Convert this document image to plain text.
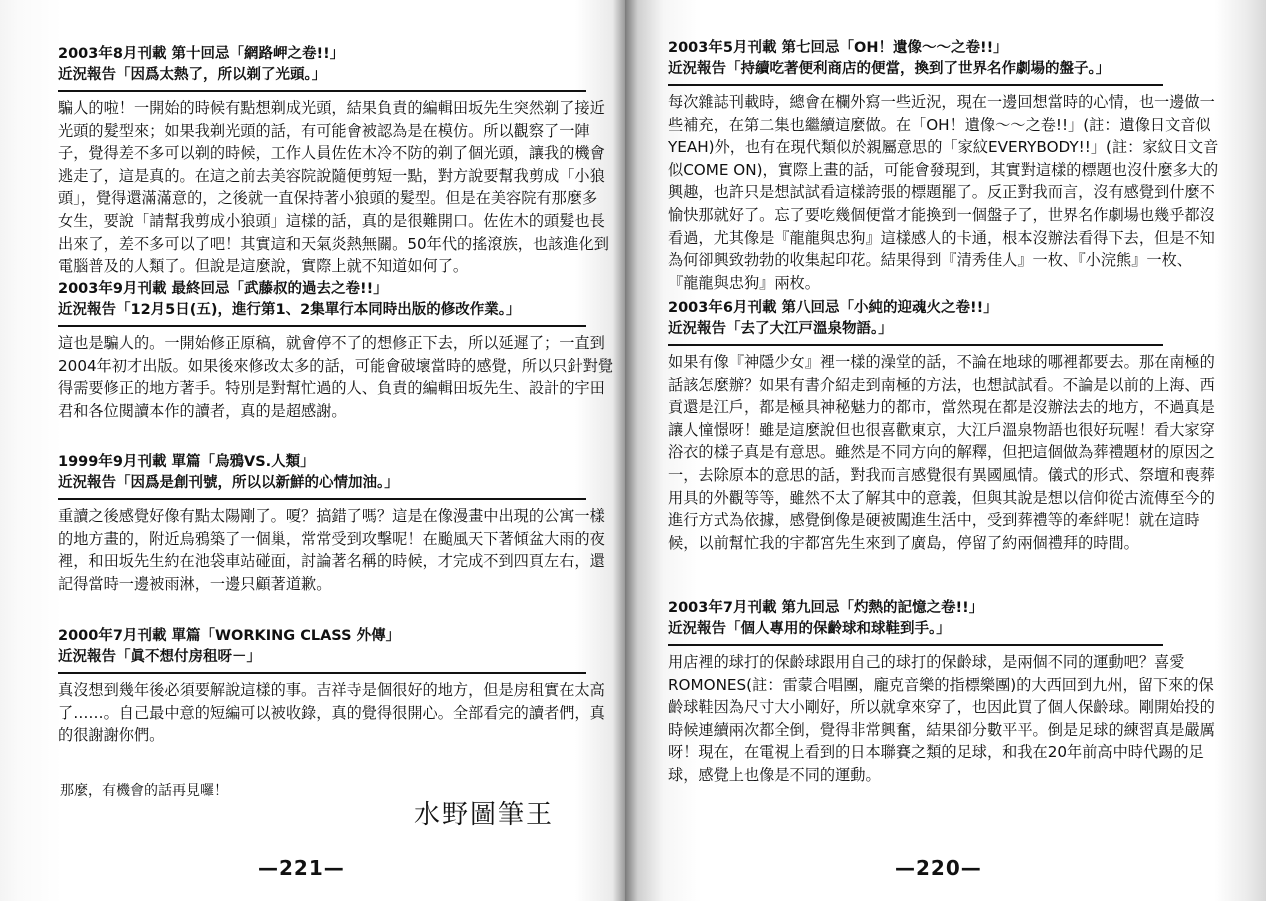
那麼，有機會的話再見囉！
水野圖筆王
—221—
2003年8月刊載 第十回忌「網路岬之卷!!」
近況報告「因爲太熱了，所以剃了光頭。」
騙人的啦！一開始的時候有點想剃成光頭，結果負責的編輯田坂先生突然剃了接近
光頭的髮型來；如果我剃光頭的話，有可能會被認為是在模仿。所以觀察了一陣
子，覺得差不多可以剃的時候，工作人員佐佐木冷不防的剃了個光頭，讓我的機會
逃走了，這是真的。在這之前去美容院說隨便剪短一點，對方說要幫我剪成「小狼
頭」，覺得還滿滿意的，之後就一直保持著小狼頭的髮型。但是在美容院有那麼多
女生，要說「請幫我剪成小狼頭」這樣的話，真的是很難開口。佐佐木的頭髮也長
出來了，差不多可以了吧！其實這和天氣炎熱無關。50年代的搖滾族，也該進化到
電腦普及的人類了。但說是這麼說，實際上就不知道如何了。
2003年9月刊載 最終回忌「武藤叔的過去之卷!!」
近況報告「12月5日(五)，進行第1、2集單行本同時出版的修改作業。」
這也是騙人的。一開始修正原稿，就會停不了的想修正下去，所以延遲了；一直到
2004年初才出版。如果後來修改太多的話，可能會破壞當時的感覺，所以只針對覺
得需要修正的地方著手。特別是對幫忙過的人、負責的編輯田坂先生、設計的宇田
君和各位閱讀本作的讀者，真的是超感謝。
1999年9月刊載 單篇「烏鴉VS.人類」
近況報告「因爲是創刊號，所以以新鮮的心情加油。」
重讀之後感覺好像有點太陽剛了。嗄？搞錯了嗎？這是在像漫畫中出現的公寓一樣
的地方畫的，附近烏鴉築了一個巢，常常受到攻擊呢！在颱風天下著傾盆大雨的夜
裡，和田坂先生約在池袋車站碰面，討論著名稱的時候，才完成不到四頁左右，還
記得當時一邊被雨淋，一邊只顧著道歉。
2000年7月刊載 單篇「WORKING CLASS 外傳」
近況報告「眞不想付房租呀－」
真沒想到幾年後必須要解說這樣的事。吉祥寺是個很好的地方，但是房租實在太高
了……。自己最中意的短編可以被收錄，真的覺得很開心。全部看完的讀者們，真
的很謝謝你們。
—220—
2003年5月刊載 第七回忌「OH！遺像～～之卷!!」
近況報告「持續吃著便利商店的便當，換到了世界名作劇場的盤子。」
每次雜誌刊載時，總會在欄外寫一些近況，現在一邊回想當時的心情，也一邊做一
些補充，在第二集也繼續這麼做。在「OH！遺像～～之卷!!」(註：遺像日文音似
YEAH)外，也有在現代類似於親屬意思的「家紋EVERYBODY!!」(註：家紋日文音
似COME ON)，實際上畫的話，可能會發現到，其實對這樣的標題也沒什麼多大的
興趣，也許只是想試試看這樣誇張的標題罷了。反正對我而言，沒有感覺到什麼不
愉快那就好了。忘了要吃幾個便當才能換到一個盤子了，世界名作劇場也幾乎都沒
看過，尤其像是『龍龍與忠狗』這樣感人的卡通，根本沒辦法看得下去，但是不知
為何卻興致勃勃的收集起印花。結果得到『清秀佳人』一枚、『小浣熊』一枚、
『龍龍與忠狗』兩枚。
2003年6月刊載 第八回忌「小純的迎魂火之卷!!」
近況報告「去了大江戸溫泉物語。」
如果有像『神隱少女』裡一樣的澡堂的話，不論在地球的哪裡都要去。那在南極的
話該怎麼辦？如果有書介紹走到南極的方法，也想試試看。不論是以前的上海、西
貢還是江戶，都是極具神秘魅力的都市，當然現在都是沒辦法去的地方，不過真是
讓人憧憬呀！雖是這麼說但也很喜歡東京，大江戶溫泉物語也很好玩喔！看大家穿
浴衣的樣子真是有意思。雖然是不同方向的解釋，但把這個做為葬禮題材的原因之
一，去除原本的意思的話，對我而言感覺很有異國風情。儀式的形式、祭壇和喪葬
用具的外觀等等，雖然不太了解其中的意義，但與其說是想以信仰從古流傳至今的
進行方式為依據，感覺倒像是硬被闖進生活中，受到葬禮等的牽絆呢！就在這時
候，以前幫忙我的宇都宮先生來到了廣島，停留了約兩個禮拜的時間。
2003年7月刊載 第九回忌「灼熱的記憶之卷!!」
近況報告「個人專用的保齡球和球鞋到手。」
用店裡的球打的保齡球跟用自己的球打的保齡球，是兩個不同的運動吧？喜愛
ROMONES(註：雷蒙合唱團，龐克音樂的指標樂團)的大西回到九州，留下來的保
齡球鞋因為尺寸大小剛好，所以就拿來穿了，也因此買了個人保齡球。剛開始投的
時候連續兩次都全倒，覺得非常興奮，結果卻分數平平。倒是足球的練習真是嚴厲
呀！現在，在電視上看到的日本聯賽之類的足球，和我在20年前高中時代踢的足
球，感覺上也像是不同的運動。
